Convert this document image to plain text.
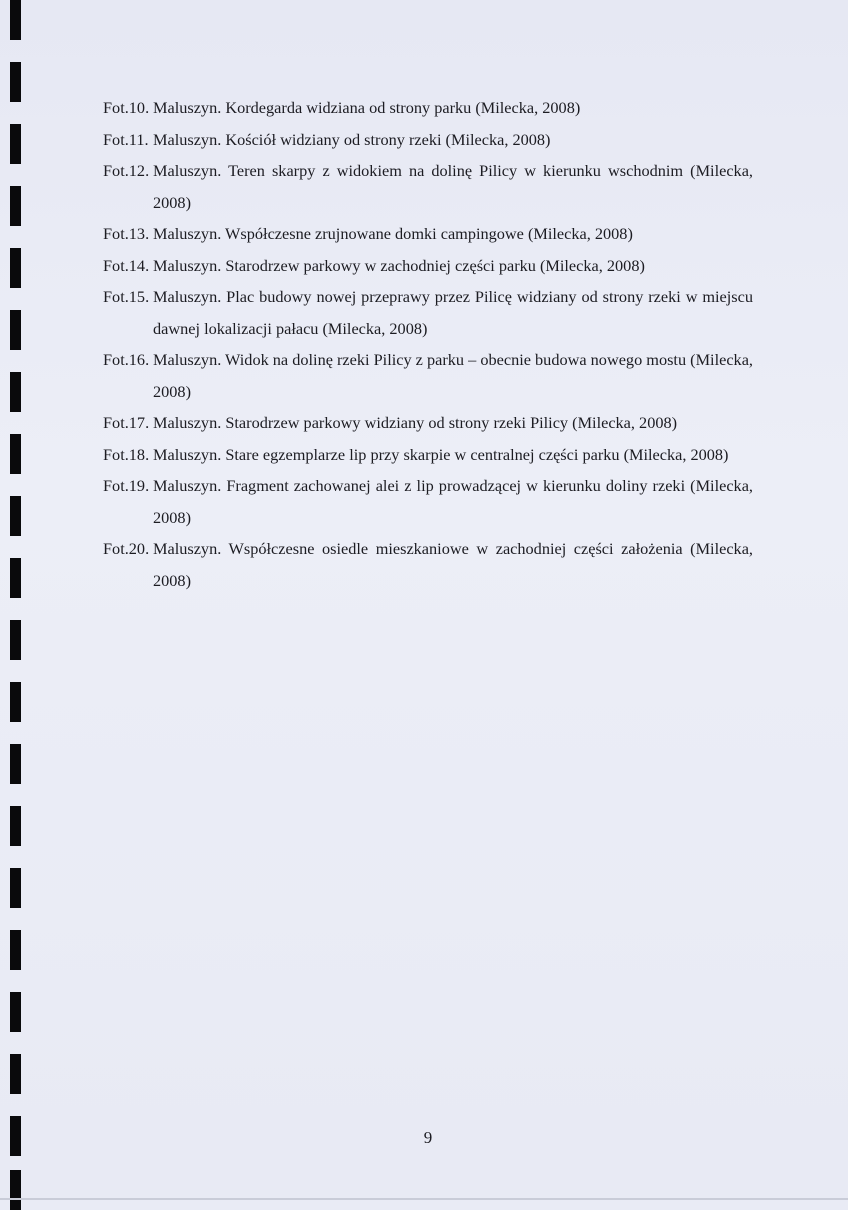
Fot.10. Maluszyn. Kordegarda widziana od strony parku (Milecka, 2008)
Fot.11. Maluszyn. Kościół widziany od strony rzeki (Milecka, 2008)
Fot.12. Maluszyn. Teren skarpy z widokiem na dolinę Pilicy w kierunku wschodnim (Milecka, 2008)
Fot.13. Maluszyn. Współczesne zrujnowane domki campingowe (Milecka, 2008)
Fot.14. Maluszyn. Starodrzew parkowy w zachodniej części parku (Milecka, 2008)
Fot.15. Maluszyn. Plac budowy nowej przeprawy przez Pilicę widziany od strony rzeki w miejscu dawnej lokalizacji pałacu (Milecka, 2008)
Fot.16. Maluszyn. Widok na dolinę rzeki Pilicy z parku – obecnie budowa nowego mostu (Milecka, 2008)
Fot.17. Maluszyn. Starodrzew parkowy widziany od strony rzeki Pilicy (Milecka, 2008)
Fot.18. Maluszyn. Stare egzemplarze lip przy skarpie w centralnej części parku (Milecka, 2008)
Fot.19. Maluszyn. Fragment zachowanej alei z lip prowadzącej w kierunku doliny rzeki (Milecka, 2008)
Fot.20. Maluszyn. Współczesne osiedle mieszkaniowe w zachodniej części założenia (Milecka, 2008)
9
